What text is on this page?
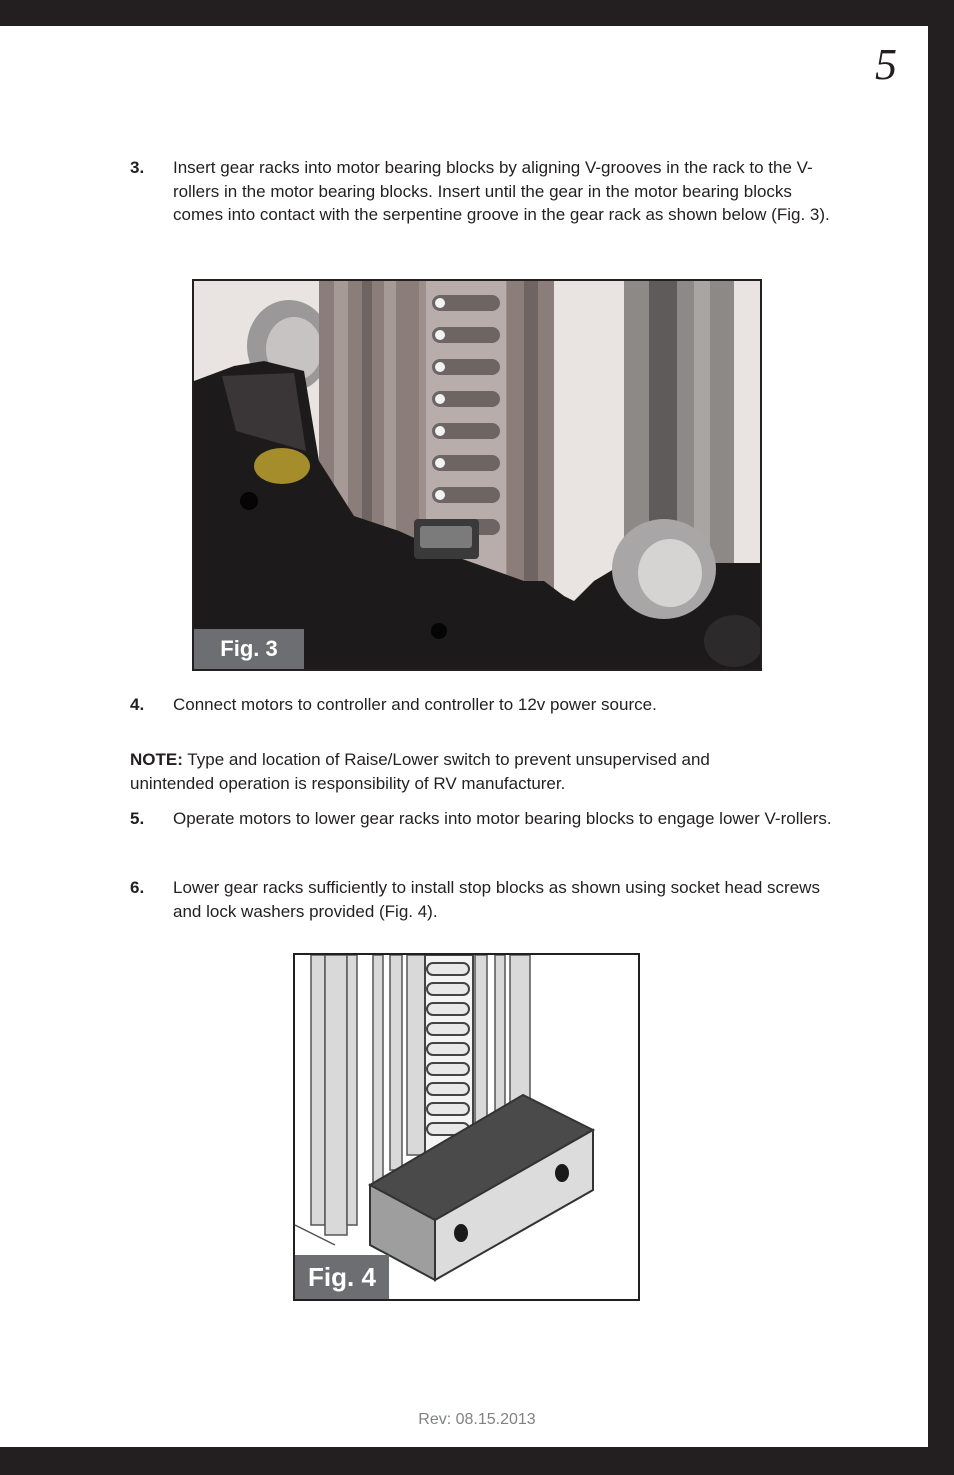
5
3. Insert gear racks into motor bearing blocks by aligning V-grooves in the rack to the V-rollers in the motor bearing blocks. Insert until the gear in the motor bearing blocks comes into contact with the serpentine groove in the gear rack as shown below (Fig. 3).
Fig. 3
4. Connect motors to controller and controller to 12v power source.
NOTE: Type and location of Raise/Lower switch to prevent unsupervised and unintended operation is responsibility of RV manufacturer.
5. Operate motors to lower gear racks into motor bearing blocks to engage lower V-rollers.
6. Lower gear racks sufficiently to install stop blocks as shown using socket head screws and lock washers provided (Fig. 4).
Fig. 4
Rev: 08.15.2013
